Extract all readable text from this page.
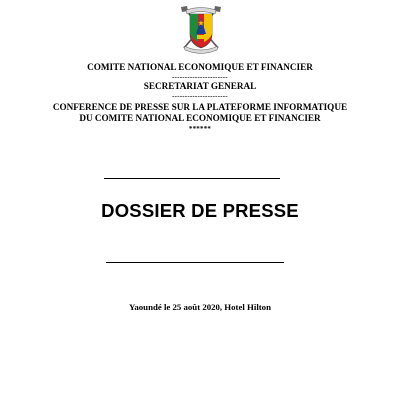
COMITE NATIONAL ECONOMIQUE ET FINANCIER
----------------------
SECRETARIAT GENERAL
----------------------
CONFERENCE DE PRESSE SUR LA PLATEFORME INFORMATIQUE
DU COMITE NATIONAL ECONOMIQUE ET FINANCIER
******
DOSSIER DE PRESSE
Yaoundé le 25 août 2020, Hotel Hilton
